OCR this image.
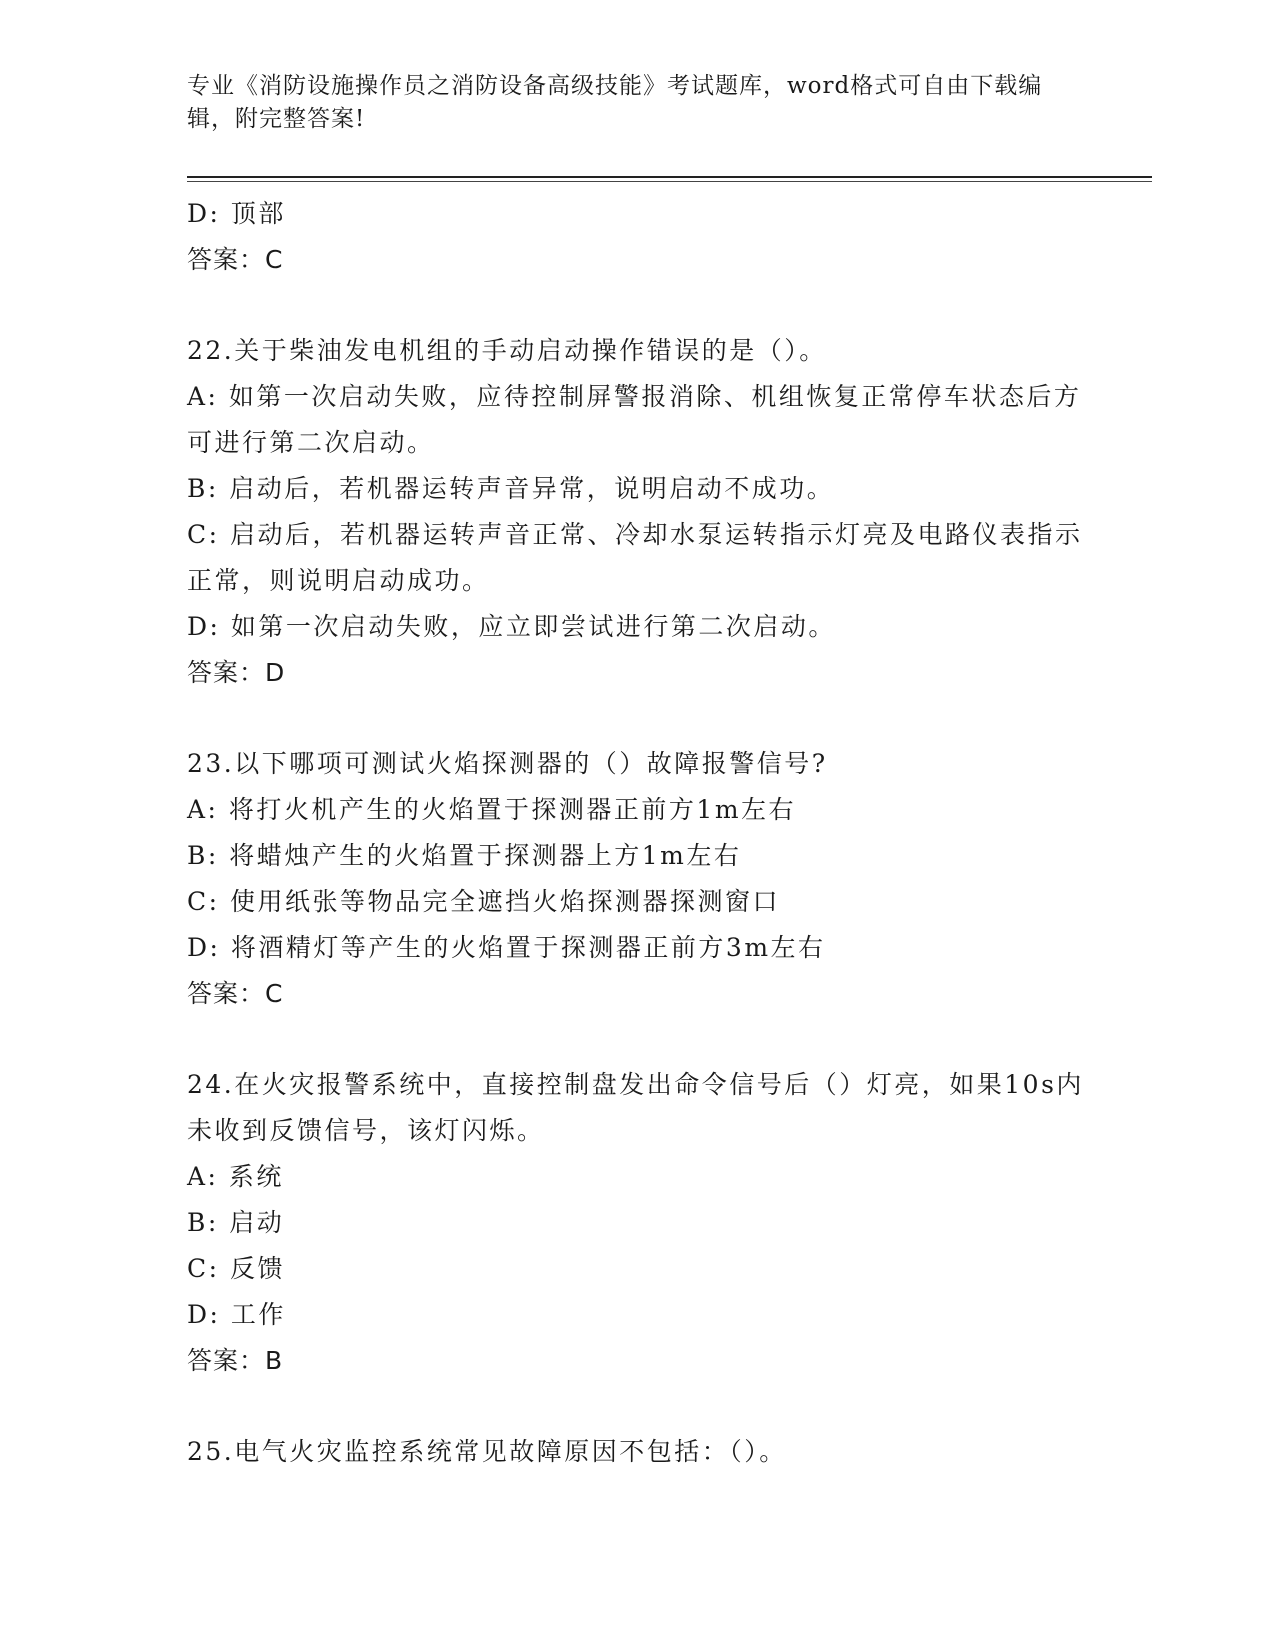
专业《消防设施操作员之消防设备高级技能》考试题库，word格式可自由下载编辑，附完整答案!
D: 顶部
答案：C
22.关于柴油发电机组的手动启动操作错误的是（）。
A: 如第一次启动失败，应待控制屏警报消除、机组恢复正常停车状态后方可进行第二次启动。
B: 启动后，若机器运转声音异常，说明启动不成功。
C: 启动后，若机器运转声音正常、冷却水泵运转指示灯亮及电路仪表指示正常，则说明启动成功。
D: 如第一次启动失败，应立即尝试进行第二次启动。
答案：D
23.以下哪项可测试火焰探测器的（）故障报警信号?
A: 将打火机产生的火焰置于探测器正前方1m左右
B: 将蜡烛产生的火焰置于探测器上方1m左右
C: 使用纸张等物品完全遮挡火焰探测器探测窗口
D: 将酒精灯等产生的火焰置于探测器正前方3m左右
答案：C
24.在火灾报警系统中，直接控制盘发出命令信号后（）灯亮，如果10s内未收到反馈信号，该灯闪烁。
A: 系统
B: 启动
C: 反馈
D: 工作
答案：B
25.电气火灾监控系统常见故障原因不包括：（）。
